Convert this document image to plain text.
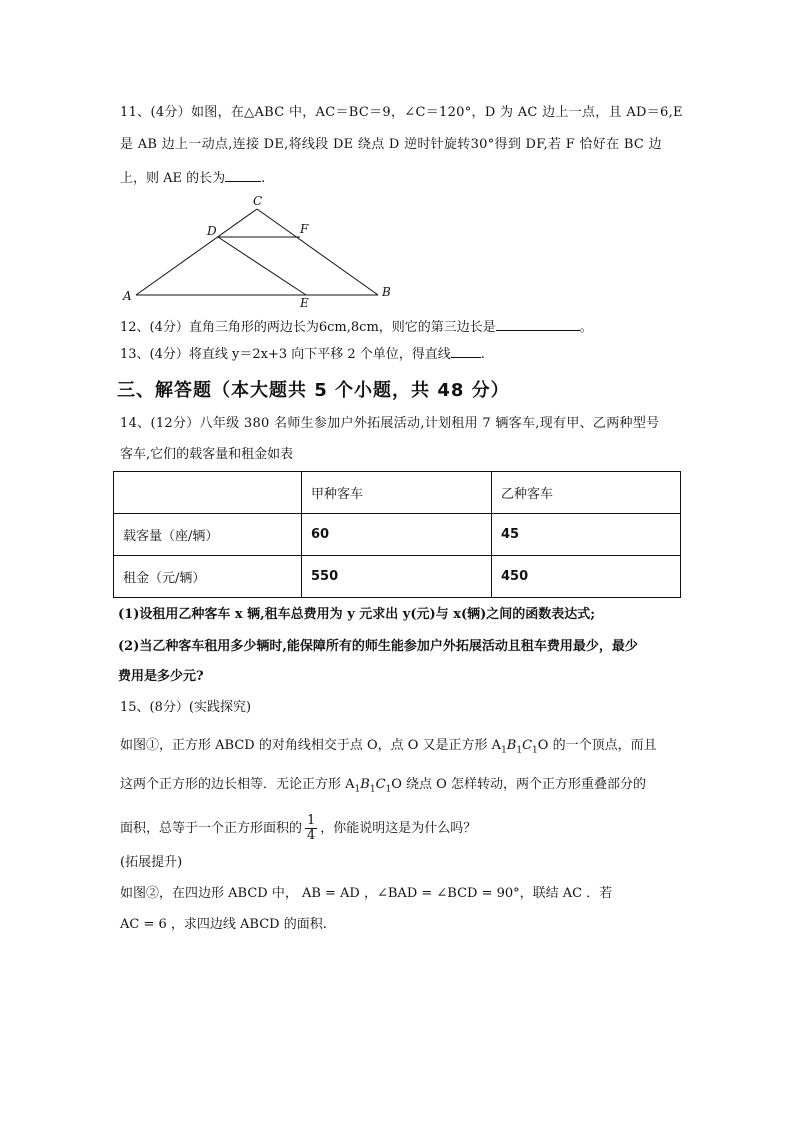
11、(4分）如图，在△ABC 中，AC＝BC＝9，∠C＝120°，D 为 AC 边上一点，且 AD＝6,E
是 AB 边上一动点,连接 DE,将线段 DE 绕点 D 逆时针旋转30°得到 DF,若 F 恰好在 BC 边
上，则 AE 的长为	.
A	B
C
D
E
F
12、(4分）直角三角形的两边长为6cm,8cm，则它的第三边长是	。
13、(4分）将直线 y＝2x+3 向下平移 2 个单位，得直线 .
三、解答题（本大题共 5 个小题，共 48 分）
14、(12分）八年级 380 名师生参加户外拓展活动,计划租用 7 辆客车,现有甲、乙两种型号
客车,它们的载客量和租金如表
	甲种客车	乙种客车
载客量（座/辆）	60	45
租金（元/辆）	550	450
(1)设租用乙种客车 x 辆,租车总费用为 y 元求出 y(元)与 x(辆)之间的函数表达式;
(2)当乙种客车租用多少辆时,能保障所有的师生能参加户外拓展活动且租车费用最少，最少
费用是多少元?
15、(8分）(实践探究)
如图①，正方形 ABCD 的对角线相交于点 O，点 O 又是正方形 $A_1B_1C_1O$ 的一个顶点，而且
这两个正方形的边长相等．无论正方形 $A_1B_1C_1O$ 绕点 O 怎样转动，两个正方形重叠部分的
面积，总等于一个正方形面积的 $\frac{1}{4}$ ，你能说明这是为什么吗？
(拓展提升)
如图②，在四边形 ABCD 中， AB = AD ，∠BAD = ∠BCD = 90°，联结 AC ．若
AC = 6 ，求四边线 ABCD 的面积.
